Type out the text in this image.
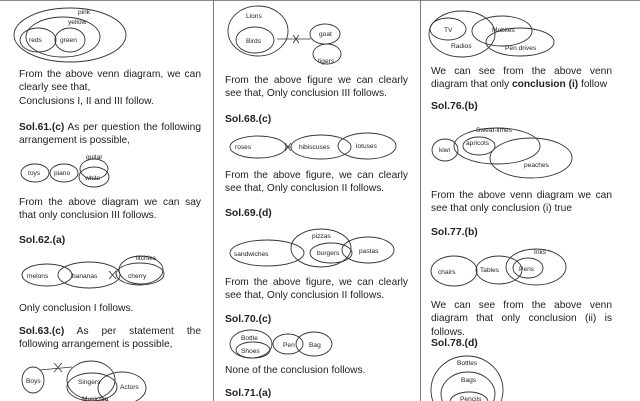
pink
yellow
reds	green

From the above venn diagram, we can clearly see that,

Conclusions I, II and III follow.

Sol.61.(c) As per question the following arrangement is possible,

toys piano
guitar
white

From the above diagram we can say that only conclusion III follows.

Sol.62.(a)

melons	bananas
litchies
cherry

Only conclusion I follows.

Sol.63.(c) As per statement the following arrangement is possible,

Boys	Singers
Actors
Musician
Lions
Birds
goat
tigers

From the above figure we can clearly see that, Only conclusion III follows.

Sol.68.(c)

roses	hibiscuses	lotuses

From the above figure, we can clearly see that, Only conclusion II follows.

Sol.69.(d)

pizzas
sandwiches	burgers	pastas

From the above figure, we can clearly see that, Only conclusion II follows.

Sol.70.(c)

Bottle
Shoes
Pen Bag

None of the conclusion follows.

Sol.71.(a)

TV
Radios
Mobiles
Pen drives

We can see from the above venn diagram that only conclusion (i) follow

Sol.76.(b)

Sweat-limes
kiwi
apricots
peaches

From the above venn diagram we can see that only conclusion (i) true

Sol.77.(b)

Inks
chairs	Tables	Pens

We can see from the above venn diagram that only conclusion (ii) is follows.

Sol.78.(d)

Bottles
Bags
Pencils
